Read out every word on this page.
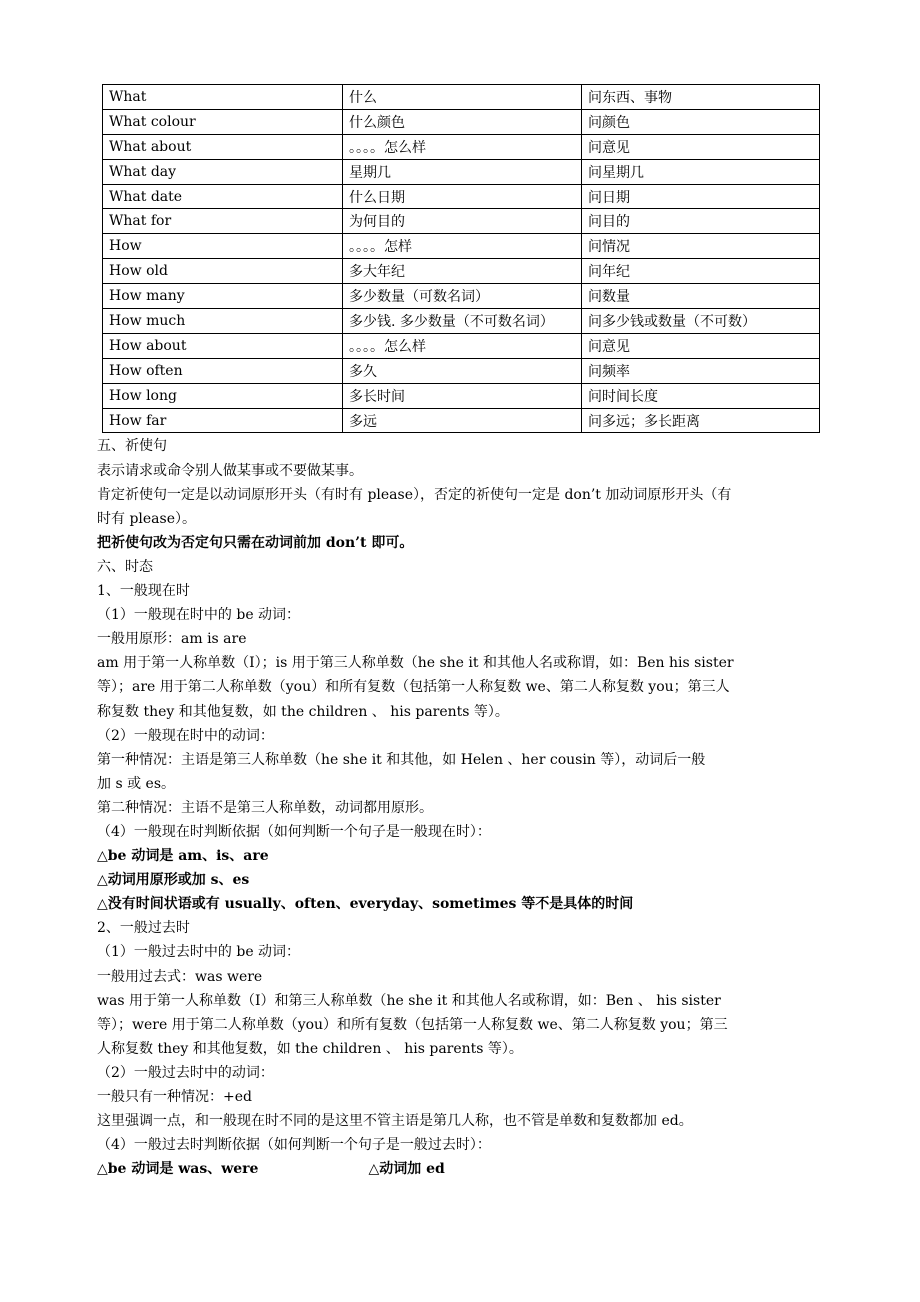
What	什么	问东西、事物
What colour	什么颜色	问颜色
What about	。。。。怎么样	问意见
What day	星期几	问星期几
What date	什么日期	问日期
What for	为何目的	问目的
How	。。。。怎样	问情况
How old	多大年纪	问年纪
How many	多少数量（可数名词）	问数量
How much	多少钱. 多少数量（不可数名词）	问多少钱或数量（不可数）
How about	。。。。怎么样	问意见
How often	多久	问频率
How long	多长时间	问时间长度
How far	多远	问多远；多长距离
五、祈使句
表示请求或命令别人做某事或不要做某事。
肯定祈使句一定是以动词原形开头（有时有 please），否定的祈使句一定是 don’t 加动词原形开头（有
时有 please）。
把祈使句改为否定句只需在动词前加 don’t 即可。
六、时态
1、一般现在时
（1）一般现在时中的 be 动词：
一般用原形：am is are
am 用于第一人称单数（I）；is 用于第三人称单数（he she it 和其他人名或称谓，如：Ben his sister
等）；are 用于第二人称单数（you）和所有复数（包括第一人称复数 we、第二人称复数 you；第三人
称复数 they 和其他复数，如 the children 、 his parents 等）。
（2）一般现在时中的动词：
第一种情况：主语是第三人称单数（he she it 和其他，如 Helen 、her cousin 等），动词后一般
加 s 或 es。
第二种情况：主语不是第三人称单数，动词都用原形。
（4）一般现在时判断依据（如何判断一个句子是一般现在时）：
△be 动词是 am、is、are
△动词用原形或加 s、es
△没有时间状语或有 usually、often、everyday、sometimes 等不是具体的时间
2、一般过去时
（1）一般过去时中的 be 动词：
一般用过去式：was were
was 用于第一人称单数（I）和第三人称单数（he she it 和其他人名或称谓，如：Ben 、 his sister
等）；were 用于第二人称单数（you）和所有复数（包括第一人称复数 we、第二人称复数 you；第三
人称复数 they 和其他复数，如 the children 、 his parents 等）。
（2）一般过去时中的动词：
一般只有一种情况：+ed
这里强调一点，和一般现在时不同的是这里不管主语是第几人称，也不管是单数和复数都加 ed。
（4）一般过去时判断依据（如何判断一个句子是一般过去时）：
△be 动词是 was、were	△动词加 ed
